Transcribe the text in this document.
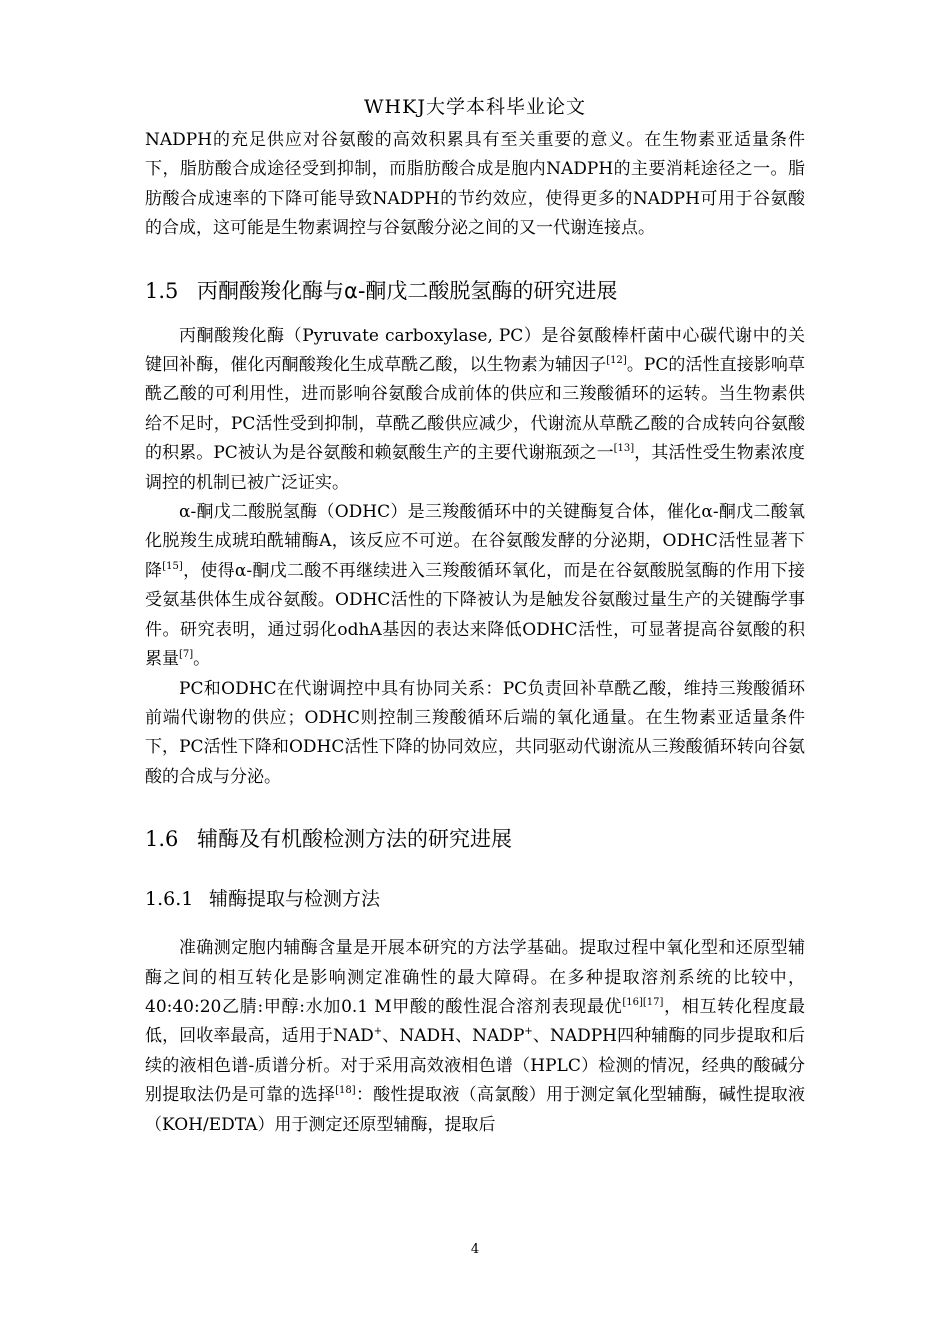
WHKJ大学本科毕业论文

NADPH的充足供应对谷氨酸的高效积累具有至关重要的意义。在生物素亚适量条件下，脂肪酸合成途径受到抑制，而脂肪酸合成是胞内NADPH的主要消耗途径之一。脂肪酸合成速率的下降可能导致NADPH的节约效应，使得更多的NADPH可用于谷氨酸的合成，这可能是生物素调控与谷氨酸分泌之间的又一代谢连接点。

1.5 丙酮酸羧化酶与α-酮戊二酸脱氢酶的研究进展

丙酮酸羧化酶（Pyruvate carboxylase, PC）是谷氨酸棒杆菌中心碳代谢中的关键回补酶，催化丙酮酸羧化生成草酰乙酸，以生物素为辅因子[12]。PC的活性直接影响草酰乙酸的可利用性，进而影响谷氨酸合成前体的供应和三羧酸循环的运转。当生物素供给不足时，PC活性受到抑制，草酰乙酸供应减少，代谢流从草酰乙酸的合成转向谷氨酸的积累。PC被认为是谷氨酸和赖氨酸生产的主要代谢瓶颈之一[13]，其活性受生物素浓度调控的机制已被广泛证实。

α-酮戊二酸脱氢酶（ODHC）是三羧酸循环中的关键酶复合体，催化α-酮戊二酸氧化脱羧生成琥珀酰辅酶A，该反应不可逆。在谷氨酸发酵的分泌期，ODHC活性显著下降[15]，使得α-酮戊二酸不再继续进入三羧酸循环氧化，而是在谷氨酸脱氢酶的作用下接受氨基供体生成谷氨酸。ODHC活性的下降被认为是触发谷氨酸过量生产的关键酶学事件。研究表明，通过弱化odhA基因的表达来降低ODHC活性，可显著提高谷氨酸的积累量[7]。

PC和ODHC在代谢调控中具有协同关系：PC负责回补草酰乙酸，维持三羧酸循环前端代谢物的供应；ODHC则控制三羧酸循环后端的氧化通量。在生物素亚适量条件下，PC活性下降和ODHC活性下降的协同效应，共同驱动代谢流从三羧酸循环转向谷氨酸的合成与分泌。

1.6 辅酶及有机酸检测方法的研究进展
1.6.1 辅酶提取与检测方法

准确测定胞内辅酶含量是开展本研究的方法学基础。提取过程中氧化型和还原型辅酶之间的相互转化是影响测定准确性的最大障碍。在多种提取溶剂系统的比较中，40:40:20乙腈:甲醇:水加0.1 M甲酸的酸性混合溶剂表现最优[16][17]，相互转化程度最低，回收率最高，适用于NAD+、NADH、NADP+、NADPH四种辅酶的同步提取和后续的液相色谱-质谱分析。对于采用高效液相色谱（HPLC）检测的情况，经典的酸碱分别提取法仍是可靠的选择[18]：酸性提取液（高氯酸）用于测定氧化型辅酶，碱性提取液（KOH/EDTA）用于测定还原型辅酶，提取后

4
